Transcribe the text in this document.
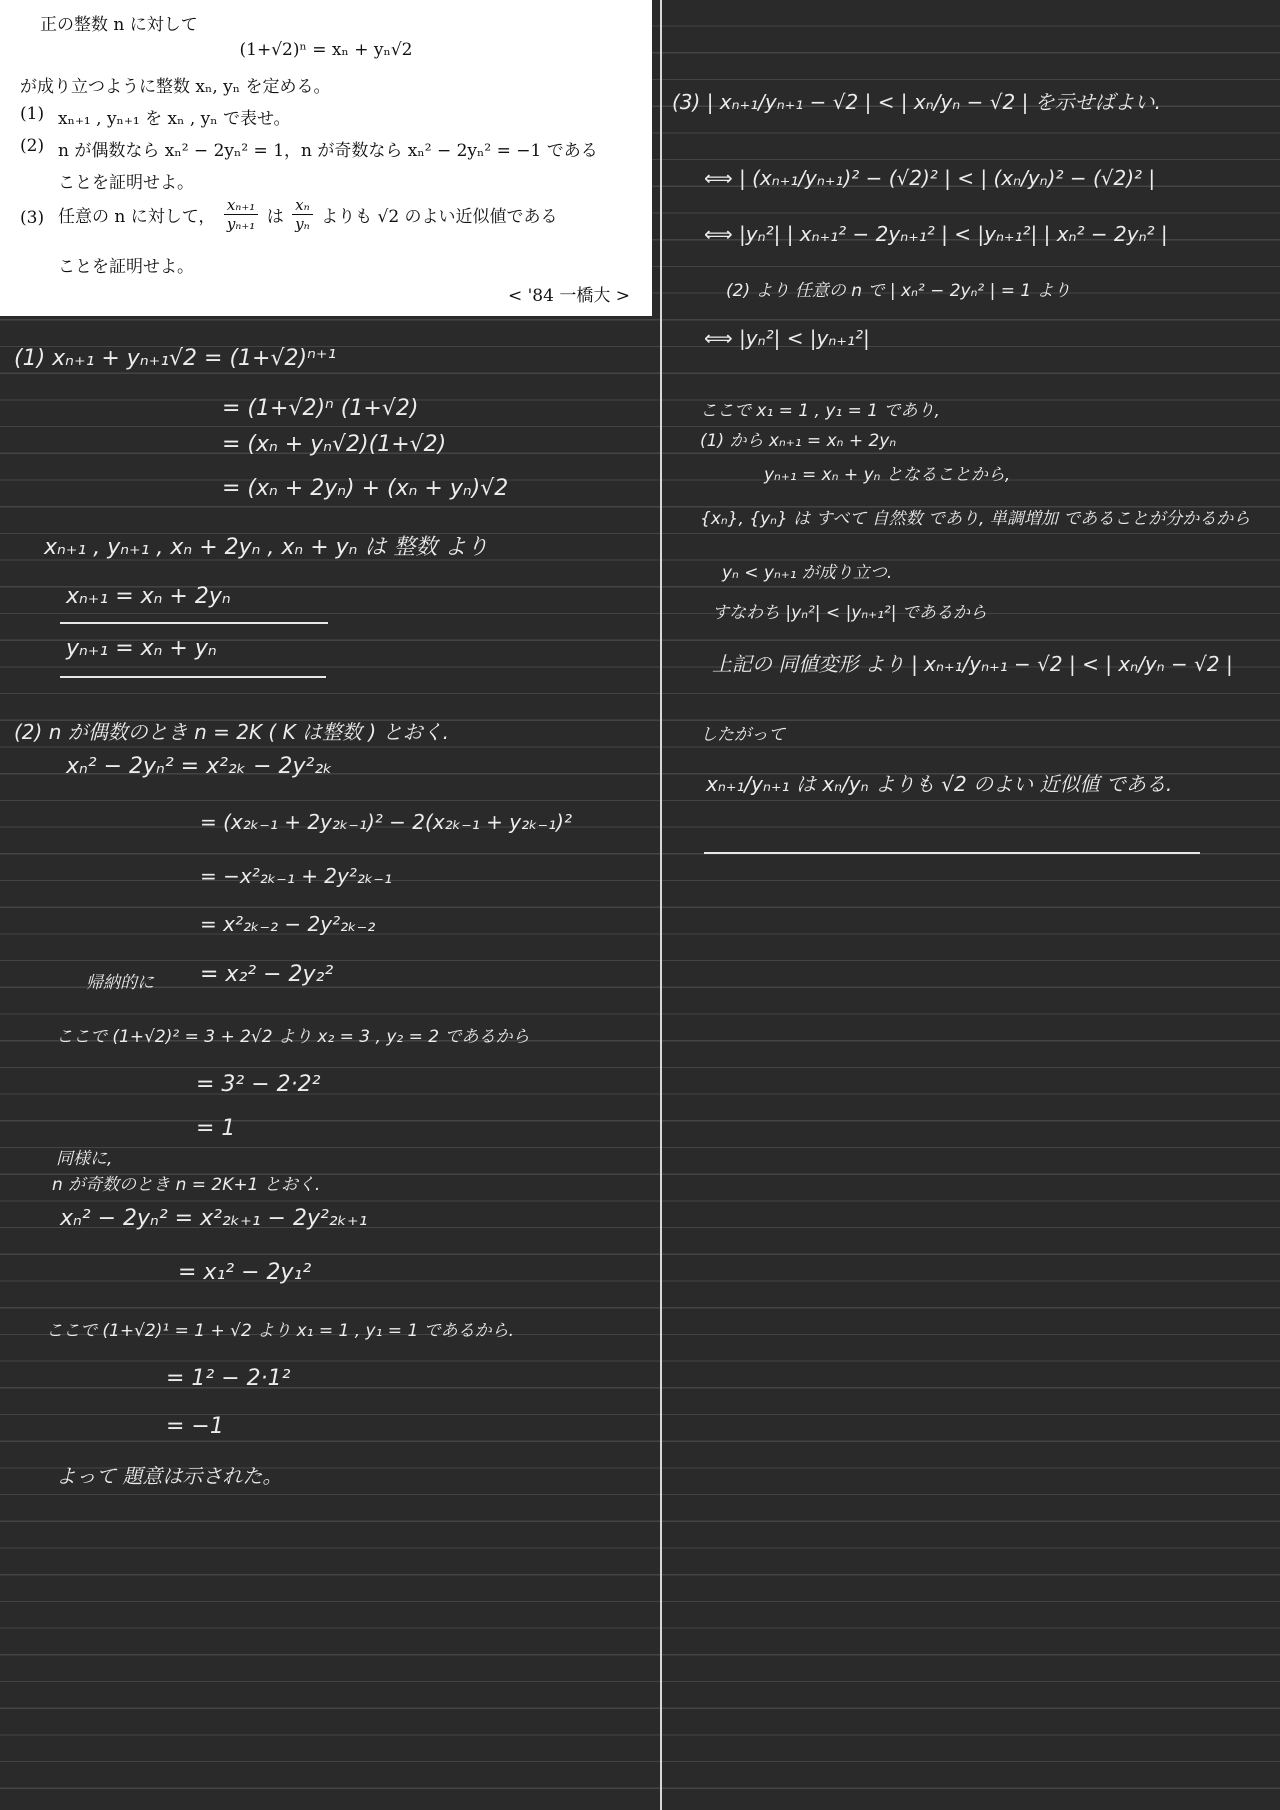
正の整数 n に対して
(1+√2)ⁿ = xₙ + yₙ√2
が成り立つように整数 xₙ, yₙ を定める。
(1) xₙ₊₁ , yₙ₊₁ を xₙ , yₙ で表せ。
(2) n が偶数なら xₙ² − 2yₙ² = 1，n が奇数なら xₙ² − 2yₙ² = −1 である
ことを証明せよ。
(3) 任意の n に対して， $\frac{\text{xₙ₊₁}}{\text{yₙ₊₁}}$ は $\frac{\text{xₙ}}{\text{yₙ}}$ よりも √2 のよい近似値である
ことを証明せよ。
< '84 一橋大 >
(1) xₙ₊₁ + yₙ₊₁√2 = (1+√2)ⁿ⁺¹
= (1+√2)ⁿ (1+√2)
= (xₙ + yₙ√2)(1+√2)
= (xₙ + 2yₙ) + (xₙ + yₙ)√2
xₙ₊₁ , yₙ₊₁ , xₙ + 2yₙ , xₙ + yₙ は 整数 より
xₙ₊₁ = xₙ + 2yₙ
yₙ₊₁ = xₙ + yₙ
(2) n が偶数のとき n = 2K ( K は整数 ) とおく.
xₙ² − 2yₙ² = x²₂ₖ − 2y²₂ₖ
= (x₂ₖ₋₁ + 2y₂ₖ₋₁)² − 2(x₂ₖ₋₁ + y₂ₖ₋₁)²
= −x²₂ₖ₋₁ + 2y²₂ₖ₋₁
= x²₂ₖ₋₂ − 2y²₂ₖ₋₂
帰納的に = x₂² − 2y₂²
ここで (1+√2)² = 3 + 2√2 より x₂ = 3 , y₂ = 2 であるから
= 3² − 2·2²
= 1
同様に,
n が奇数のとき n = 2K+1 とおく.
xₙ² − 2yₙ² = x²₂ₖ₊₁ − 2y²₂ₖ₊₁
= x₁² − 2y₁²
ここで (1+√2)¹ = 1 + √2 より x₁ = 1 , y₁ = 1 であるから.
= 1² − 2·1²
= −1
よって 題意は示された。
(3) | xₙ₊₁/yₙ₊₁ − √2 | < | xₙ/yₙ − √2 | を示せばよい.
⟺ | (xₙ₊₁/yₙ₊₁)² − (√2)² | < | (xₙ/yₙ)² − (√2)² |
⟺ |yₙ²| | xₙ₊₁² − 2yₙ₊₁² | < |yₙ₊₁²| | xₙ² − 2yₙ² |
(2) より 任意の n で | xₙ² − 2yₙ² | = 1 より
⟺ |yₙ²| < |yₙ₊₁²|
ここで x₁ = 1 , y₁ = 1 であり,
(1) から xₙ₊₁ = xₙ + 2yₙ
yₙ₊₁ = xₙ + yₙ となることから,
{xₙ}, {yₙ} は すべて 自然数 であり, 単調増加 であることが分かるから
yₙ < yₙ₊₁ が成り立つ.
すなわち |yₙ²| < |yₙ₊₁²| であるから
上記の 同値変形 より | xₙ₊₁/yₙ₊₁ − √2 | < | xₙ/yₙ − √2 |
したがって
xₙ₊₁/yₙ₊₁ は xₙ/yₙ よりも √2 のよい 近似値 である.
